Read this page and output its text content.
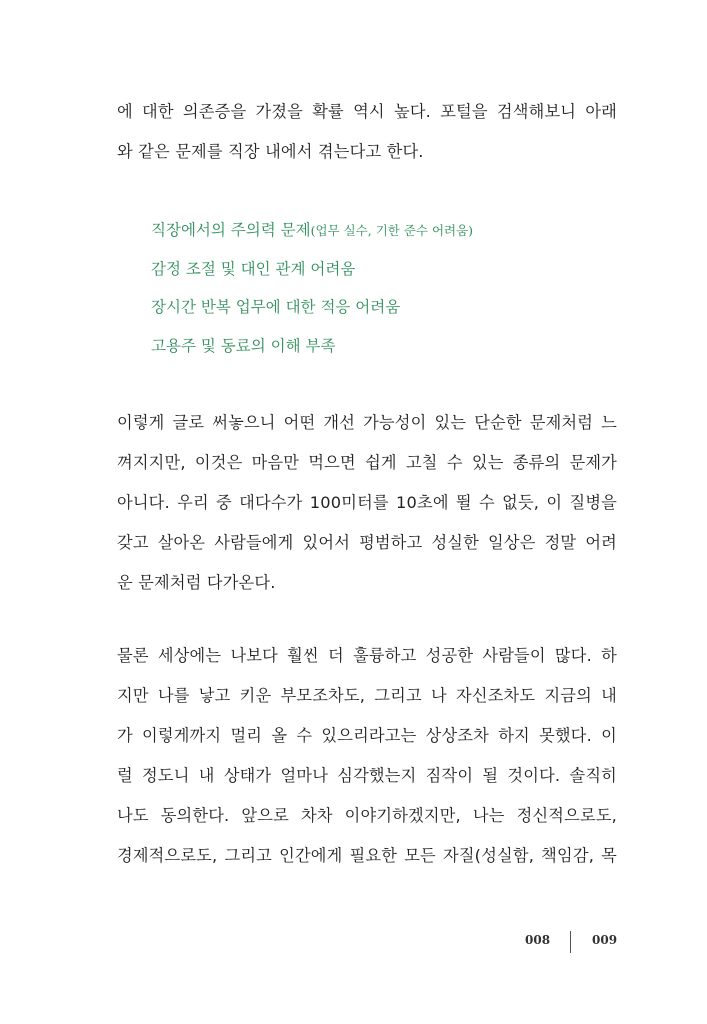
에 대한 의존증을 가졌을 확률 역시 높다. 포털을 검색해보니 아래
와 같은 문제를 직장 내에서 겪는다고 한다.

직장에서의 주의력 문제(업무 실수, 기한 준수 어려움)
감정 조절 및 대인 관계 어려움
장시간 반복 업무에 대한 적응 어려움
고용주 및 동료의 이해 부족

이렇게 글로 써놓으니 어떤 개선 가능성이 있는 단순한 문제처럼 느
껴지지만, 이것은 마음만 먹으면 쉽게 고칠 수 있는 종류의 문제가
아니다. 우리 중 대다수가 100미터를 10초에 뛸 수 없듯, 이 질병을
갖고 살아온 사람들에게 있어서 평범하고 성실한 일상은 정말 어려
운 문제처럼 다가온다.

물론 세상에는 나보다 훨씬 더 훌륭하고 성공한 사람들이 많다. 하
지만 나를 낳고 키운 부모조차도, 그리고 나 자신조차도 지금의 내
가 이렇게까지 멀리 올 수 있으리라고는 상상조차 하지 못했다. 이
럴 정도니 내 상태가 얼마나 심각했는지 짐작이 될 것이다. 솔직히
나도 동의한다. 앞으로 차차 이야기하겠지만, 나는 정신적으로도,
경제적으로도, 그리고 인간에게 필요한 모든 자질(성실함, 책임감, 목

008	009
